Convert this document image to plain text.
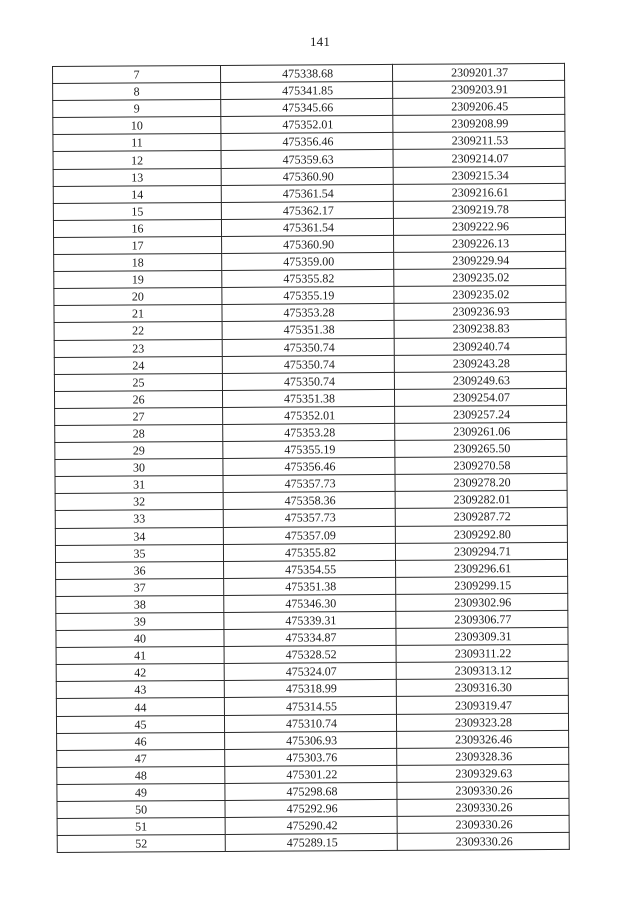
141
7	475338.68	2309201.37
8	475341.85	2309203.91
9	475345.66	2309206.45
10	475352.01	2309208.99
11	475356.46	2309211.53
12	475359.63	2309214.07
13	475360.90	2309215.34
14	475361.54	2309216.61
15	475362.17	2309219.78
16	475361.54	2309222.96
17	475360.90	2309226.13
18	475359.00	2309229.94
19	475355.82	2309235.02
20	475355.19	2309235.02
21	475353.28	2309236.93
22	475351.38	2309238.83
23	475350.74	2309240.74
24	475350.74	2309243.28
25	475350.74	2309249.63
26	475351.38	2309254.07
27	475352.01	2309257.24
28	475353.28	2309261.06
29	475355.19	2309265.50
30	475356.46	2309270.58
31	475357.73	2309278.20
32	475358.36	2309282.01
33	475357.73	2309287.72
34	475357.09	2309292.80
35	475355.82	2309294.71
36	475354.55	2309296.61
37	475351.38	2309299.15
38	475346.30	2309302.96
39	475339.31	2309306.77
40	475334.87	2309309.31
41	475328.52	2309311.22
42	475324.07	2309313.12
43	475318.99	2309316.30
44	475314.55	2309319.47
45	475310.74	2309323.28
46	475306.93	2309326.46
47	475303.76	2309328.36
48	475301.22	2309329.63
49	475298.68	2309330.26
50	475292.96	2309330.26
51	475290.42	2309330.26
52	475289.15	2309330.26
